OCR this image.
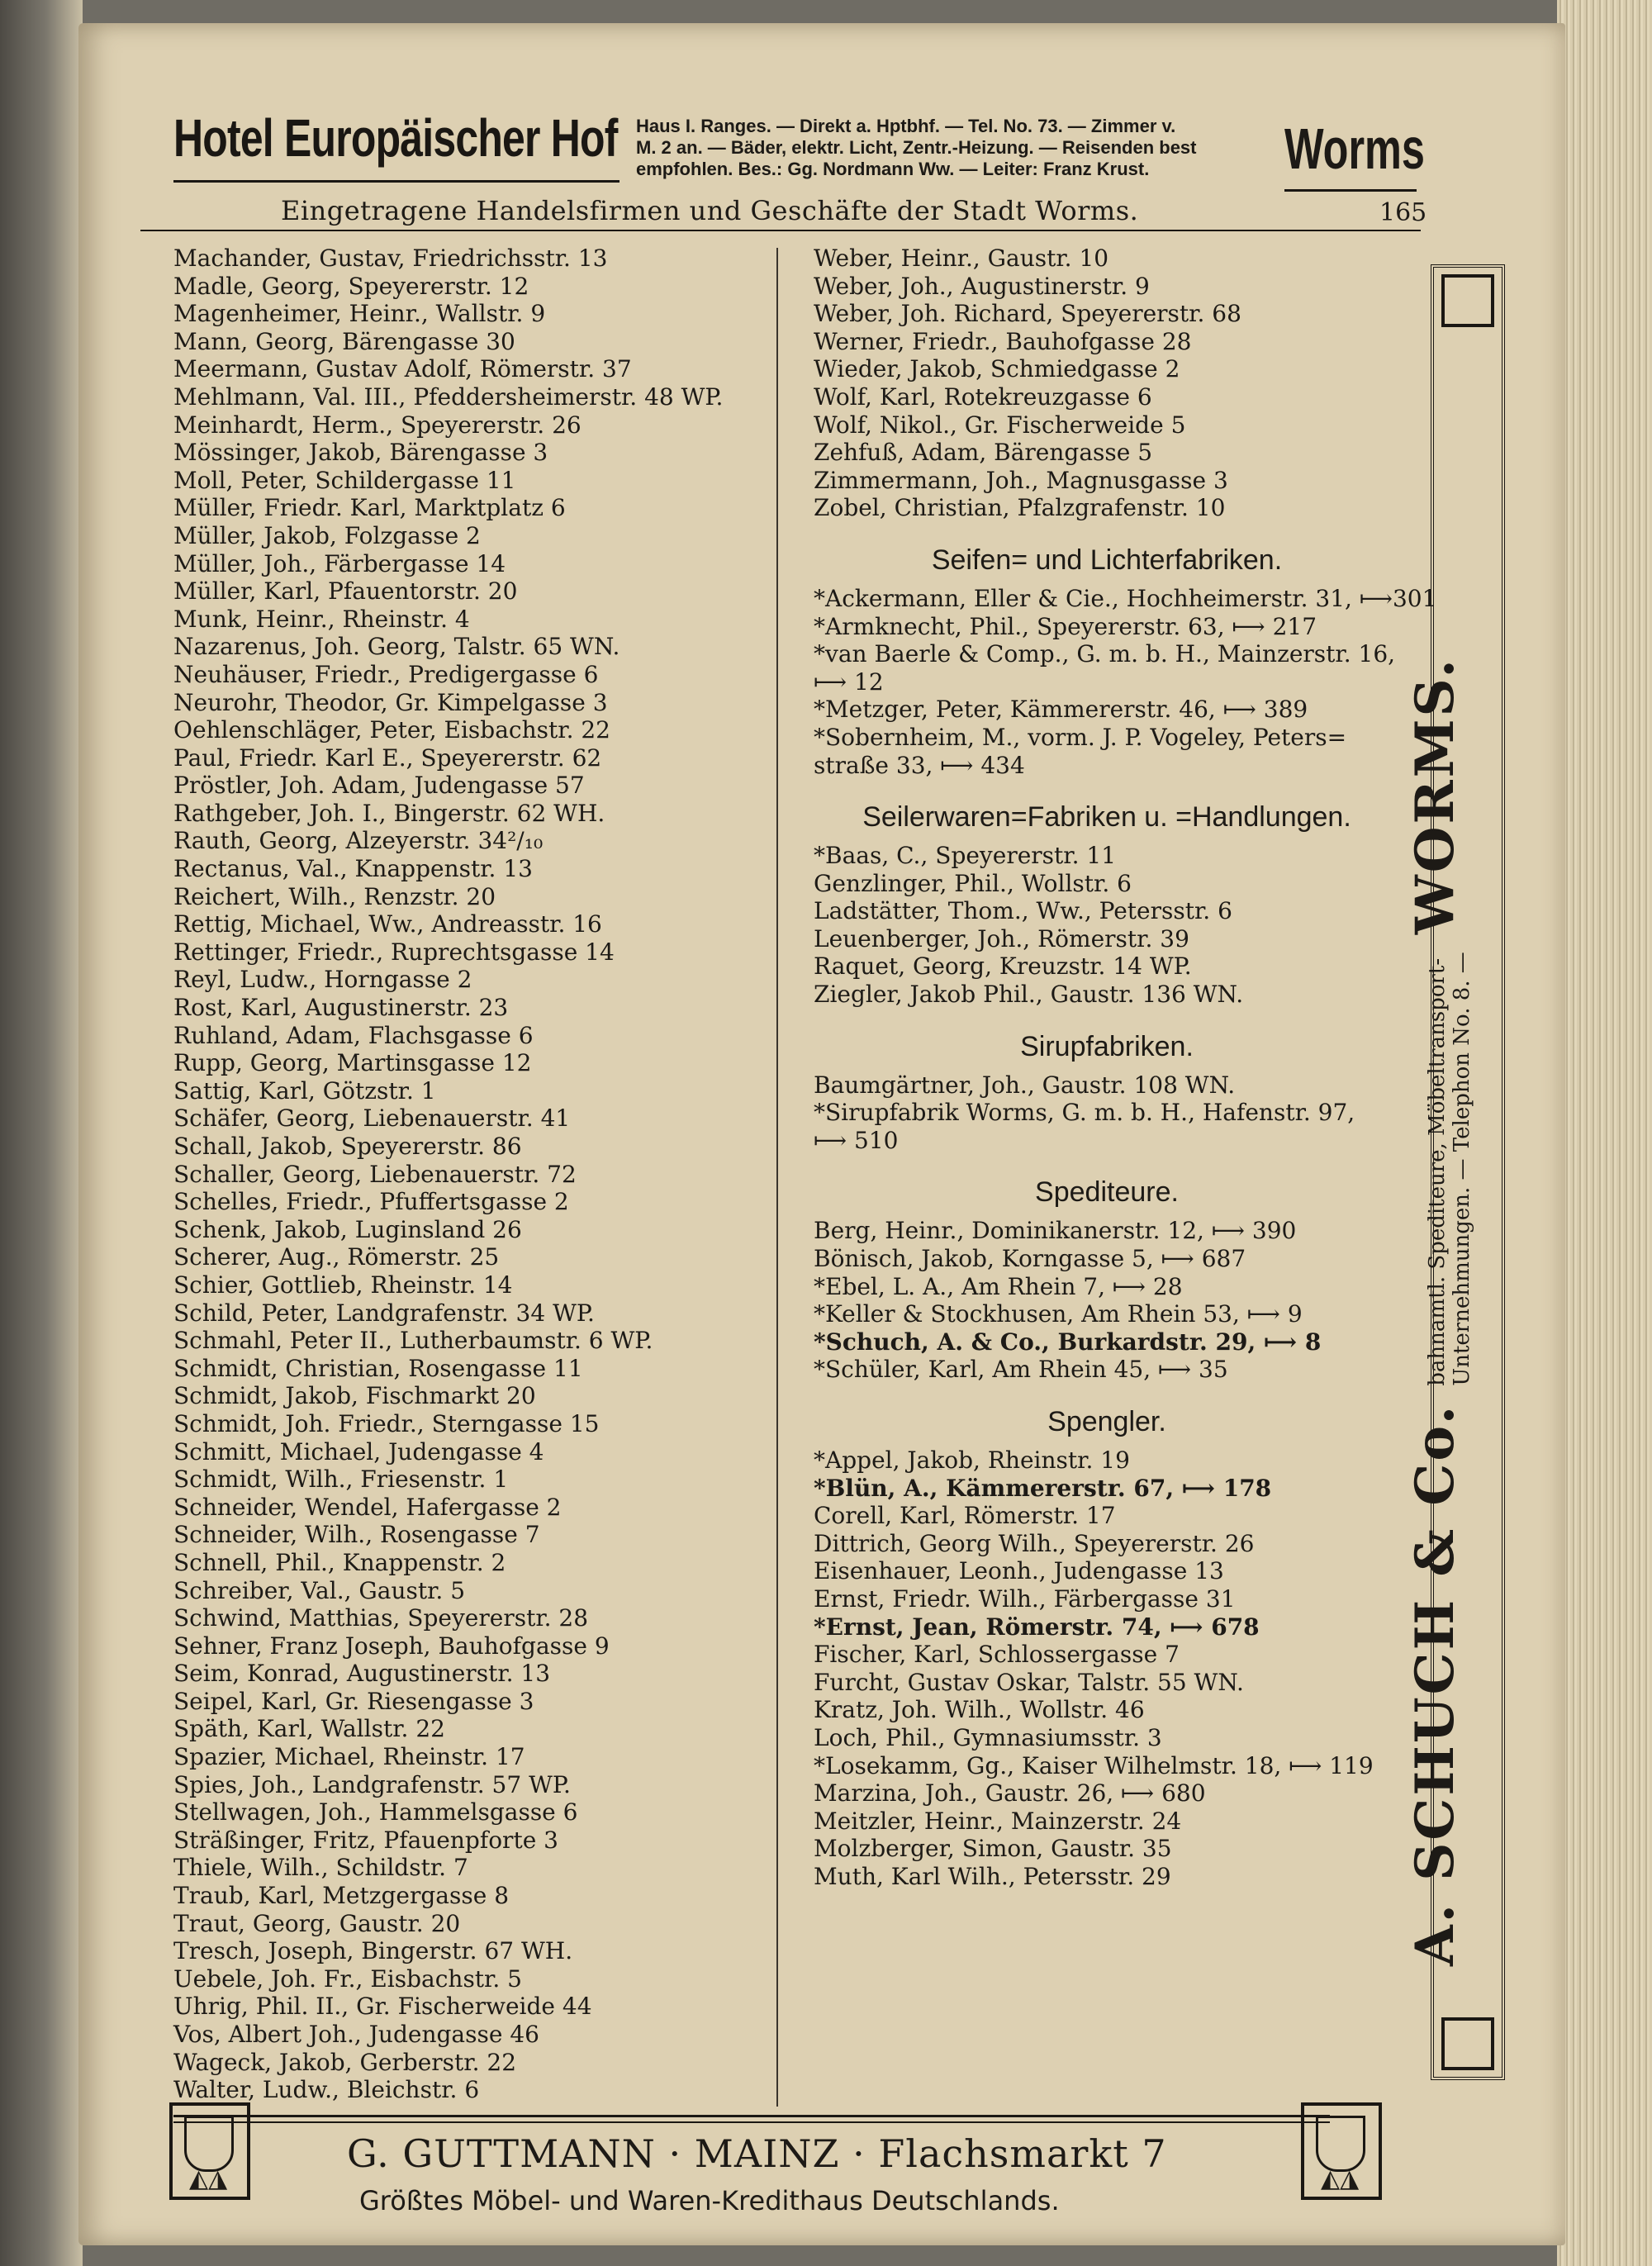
Hotel Europäischer Hof Haus I. Ranges. — Direkt a. Hptbhf. — Tel. No. 73. — Zimmer v.
M. 2 an. — Bäder, elektr. Licht, Zentr.-Heizung. — Reisenden best
empfohlen. Bes.: Gg. Nordmann Ww. — Leiter: Franz Krust.	Worms
Eingetragene Handelsfirmen und Geschäfte der Stadt Worms.	165
Machander, Gustav, Friedrichsstr. 13
Madle, Georg, Speyererstr. 12
Magenheimer, Heinr., Wallstr. 9
Mann, Georg, Bärengasse 30
Meermann, Gustav Adolf, Römerstr. 37
Mehlmann, Val. III., Pfeddersheimerstr. 48 WP.
Meinhardt, Herm., Speyererstr. 26
Mössinger, Jakob, Bärengasse 3
Moll, Peter, Schildergasse 11
Müller, Friedr. Karl, Marktplatz 6
Müller, Jakob, Folzgasse 2
Müller, Joh., Färbergasse 14
Müller, Karl, Pfauentorstr. 20
Munk, Heinr., Rheinstr. 4
Nazarenus, Joh. Georg, Talstr. 65 WN.
Neuhäuser, Friedr., Predigergasse 6
Neurohr, Theodor, Gr. Kimpelgasse 3
Oehlenschläger, Peter, Eisbachstr. 22
Paul, Friedr. Karl E., Speyererstr. 62
Pröstler, Joh. Adam, Judengasse 57
Rathgeber, Joh. I., Bingerstr. 62 WH.
Rauth, Georg, Alzeyerstr. 34²/₁₀
Rectanus, Val., Knappenstr. 13
Reichert, Wilh., Renzstr. 20
Rettig, Michael, Ww., Andreasstr. 16
Rettinger, Friedr., Ruprechtsgasse 14
Reyl, Ludw., Horngasse 2
Rost, Karl, Augustinerstr. 23
Ruhland, Adam, Flachsgasse 6
Rupp, Georg, Martinsgasse 12
Sattig, Karl, Götzstr. 1
Schäfer, Georg, Liebenauerstr. 41
Schall, Jakob, Speyererstr. 86
Schaller, Georg, Liebenauerstr. 72
Schelles, Friedr., Pfuffertsgasse 2
Schenk, Jakob, Luginsland 26
Scherer, Aug., Römerstr. 25
Schier, Gottlieb, Rheinstr. 14
Schild, Peter, Landgrafenstr. 34 WP.
Schmahl, Peter II., Lutherbaumstr. 6 WP.
Schmidt, Christian, Rosengasse 11
Schmidt, Jakob, Fischmarkt 20
Schmidt, Joh. Friedr., Sterngasse 15
Schmitt, Michael, Judengasse 4
Schmidt, Wilh., Friesenstr. 1
Schneider, Wendel, Hafergasse 2
Schneider, Wilh., Rosengasse 7
Schnell, Phil., Knappenstr. 2
Schreiber, Val., Gaustr. 5
Schwind, Matthias, Speyererstr. 28
Sehner, Franz Joseph, Bauhofgasse 9
Seim, Konrad, Augustinerstr. 13
Seipel, Karl, Gr. Riesengasse 3
Späth, Karl, Wallstr. 22
Spazier, Michael, Rheinstr. 17
Spies, Joh., Landgrafenstr. 57 WP.
Stellwagen, Joh., Hammelsgasse 6
Sträßinger, Fritz, Pfauenpforte 3
Thiele, Wilh., Schildstr. 7
Traub, Karl, Metzgergasse 8
Traut, Georg, Gaustr. 20
Tresch, Joseph, Bingerstr. 67 WH.
Uebele, Joh. Fr., Eisbachstr. 5
Uhrig, Phil. II., Gr. Fischerweide 44
Vos, Albert Joh., Judengasse 46
Wageck, Jakob, Gerberstr. 22
Walter, Ludw., Bleichstr. 6
Weber, Heinr., Gaustr. 10
Weber, Joh., Augustinerstr. 9
Weber, Joh. Richard, Speyererstr. 68
Werner, Friedr., Bauhofgasse 28
Wieder, Jakob, Schmiedgasse 2
Wolf, Karl, Rotekreuzgasse 6
Wolf, Nikol., Gr. Fischerweide 5
Zehfuß, Adam, Bärengasse 5
Zimmermann, Joh., Magnusgasse 3
Zobel, Christian, Pfalzgrafenstr. 10
Seifen= und Lichterfabriken.
*Ackermann, Eller & Cie., Hochheimerstr. 31, ⟼301
*Armknecht, Phil., Speyererstr. 63, ⟼ 217
*van Baerle & Comp., G. m. b. H., Mainzerstr. 16,
⟼ 12
*Metzger, Peter, Kämmererstr. 46, ⟼ 389
*Sobernheim, M., vorm. J. P. Vogeley, Peters=
straße 33, ⟼ 434
Seilerwaren=Fabriken u. =Handlungen.
*Baas, C., Speyererstr. 11
Genzlinger, Phil., Wollstr. 6
Ladstätter, Thom., Ww., Petersstr. 6
Leuenberger, Joh., Römerstr. 39
Raquet, Georg, Kreuzstr. 14 WP.
Ziegler, Jakob Phil., Gaustr. 136 WN.
Sirupfabriken.
Baumgärtner, Joh., Gaustr. 108 WN.
*Sirupfabrik Worms, G. m. b. H., Hafenstr. 97,
⟼ 510
Spediteure.
Berg, Heinr., Dominikanerstr. 12, ⟼ 390
Bönisch, Jakob, Korngasse 5, ⟼ 687
*Ebel, L. A., Am Rhein 7, ⟼ 28
*Keller & Stockhusen, Am Rhein 53, ⟼ 9
*Schuch, A. & Co., Burkardstr. 29, ⟼ 8
*Schüler, Karl, Am Rhein 45, ⟼ 35
Spengler.
*Appel, Jakob, Rheinstr. 19
*Blün, A., Kämmererstr. 67, ⟼ 178
Corell, Karl, Römerstr. 17
Dittrich, Georg Wilh., Speyererstr. 26
Eisenhauer, Leonh., Judengasse 13
Ernst, Friedr. Wilh., Färbergasse 31
*Ernst, Jean, Römerstr. 74, ⟼ 678
Fischer, Karl, Schlossergasse 7
Furcht, Gustav Oskar, Talstr. 55 WN.
Kratz, Joh. Wilh., Wollstr. 46
Loch, Phil., Gymnasiumsstr. 3
*Losekamm, Gg., Kaiser Wilhelmstr. 18, ⟼ 119
Marzina, Joh., Gaustr. 26, ⟼ 680
Meitzler, Heinr., Mainzerstr. 24
Molzberger, Simon, Gaustr. 35
Muth, Karl Wilh., Petersstr. 29	A. SCHUCH & Co.
bahnamtl. Spediteure, Möbeltransport- Unternehmungen. — Telephon No. 8. —
WORMS.
◭◮	◭◮
G. GUTTMANN · MAINZ · Flachsmarkt 7
Größtes Möbel- und Waren-Kredithaus Deutschlands.
